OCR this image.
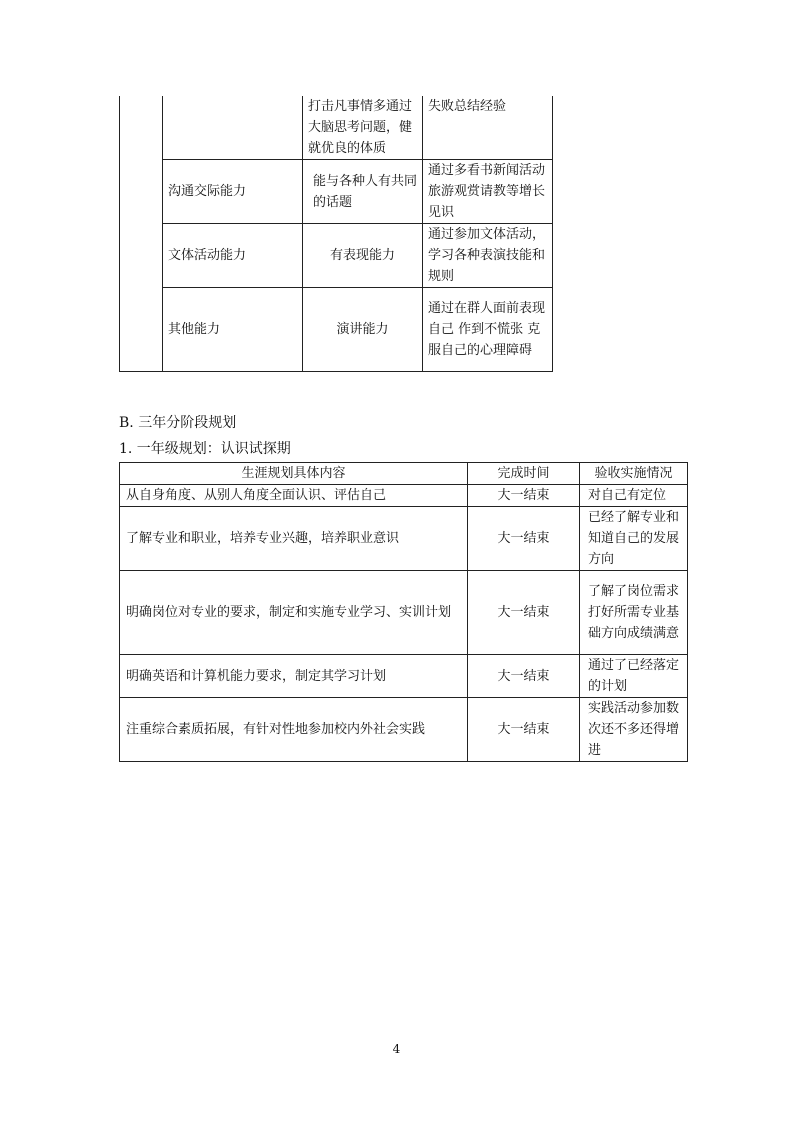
		打击凡事情多通过大脑思考问题，健就优良的体质	失败总结经验
	沟通交际能力	能与各种人有共同的话题	通过多看书新闻活动旅游观赏请教等增长见识
	文体活动能力	有表现能力	通过参加文体活动，学习各种表演技能和规则
	其他能力	演讲能力	通过在群人面前表现自己 作到不慌张 克服自己的心理障碍
B. 三年分阶段规划
1. 一年级规划：认识试探期
生涯规划具体内容	完成时间	验收实施情况
从自身角度、从别人角度全面认识、评估自己	大一结束	对自己有定位
了解专业和职业，培养专业兴趣，培养职业意识	大一结束	已经了解专业和知道自己的发展方向
明确岗位对专业的要求，制定和实施专业学习、实训计划	大一结束	了解了岗位需求打好所需专业基础方向成绩满意
明确英语和计算机能力要求，制定其学习计划	大一结束	通过了已经落定的计划
注重综合素质拓展，有针对性地参加校内外社会实践	大一结束	实践活动参加数次还不多还得增进
4
